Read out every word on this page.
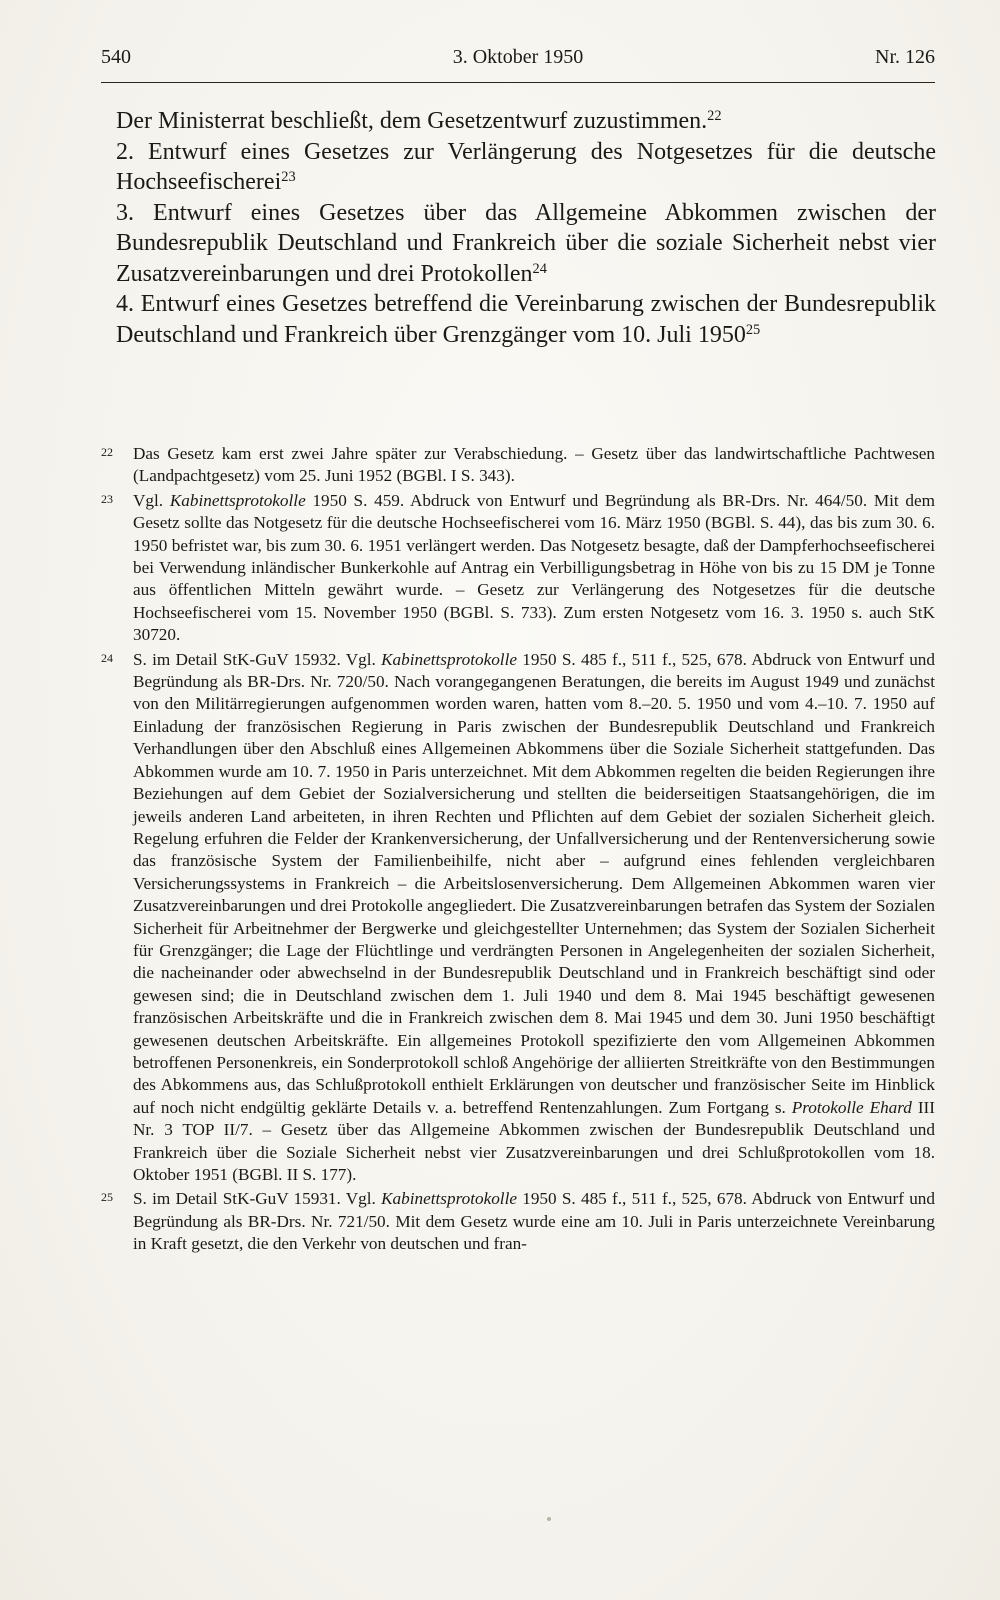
540	3. Oktober 1950	Nr. 126

Der Ministerrat beschließt, dem Gesetzentwurf zuzustimmen.$^{22}$

2. Entwurf eines Gesetzes zur Verlängerung des Notgesetzes für die deutsche Hochseefischerei$^{23}$

3. Entwurf eines Gesetzes über das Allgemeine Abkommen zwischen der Bundesrepublik Deutschland und Frankreich über die soziale Sicherheit nebst vier Zusatzvereinbarungen und drei Protokollen$^{24}$

4. Entwurf eines Gesetzes betreffend die Vereinbarung zwischen der Bundesrepublik Deutschland und Frankreich über Grenzgänger vom 10. Juli 1950$^{25}$

22 Das Gesetz kam erst zwei Jahre später zur Verabschiedung. – Gesetz über das landwirtschaftliche Pachtwesen (Landpachtgesetz) vom 25. Juni 1952 (BGBl. I S. 343).

23 Vgl. Kabinettsprotokolle 1950 S. 459. Abdruck von Entwurf und Begründung als BR-Drs. Nr. 464/50. Mit dem Gesetz sollte das Notgesetz für die deutsche Hochseefischerei vom 16. März 1950 (BGBl. S. 44), das bis zum 30. 6. 1950 befristet war, bis zum 30. 6. 1951 verlängert werden. Das Notgesetz besagte, daß der Dampferhochseefischerei bei Verwendung inländischer Bunkerkohle auf Antrag ein Verbilligungsbetrag in Höhe von bis zu 15 DM je Tonne aus öffentlichen Mitteln gewährt wurde. – Gesetz zur Verlängerung des Notgesetzes für die deutsche Hochseefischerei vom 15. November 1950 (BGBl. S. 733). Zum ersten Notgesetz vom 16. 3. 1950 s. auch StK 30720.

24 S. im Detail StK-GuV 15932. Vgl. Kabinettsprotokolle 1950 S. 485 f., 511 f., 525, 678. Abdruck von Entwurf und Begründung als BR-Drs. Nr. 720/50. Nach vorangegangenen Beratungen, die bereits im August 1949 und zunächst von den Militärregierungen aufgenommen worden waren, hatten vom 8.–20. 5. 1950 und vom 4.–10. 7. 1950 auf Einladung der französischen Regierung in Paris zwischen der Bundesrepublik Deutschland und Frankreich Verhandlungen über den Abschluß eines Allgemeinen Abkommens über die Soziale Sicherheit stattgefunden. Das Abkommen wurde am 10. 7. 1950 in Paris unterzeichnet. Mit dem Abkommen regelten die beiden Regierungen ihre Beziehungen auf dem Gebiet der Sozialversicherung und stellten die beiderseitigen Staatsangehörigen, die im jeweils anderen Land arbeiteten, in ihren Rechten und Pflichten auf dem Gebiet der sozialen Sicherheit gleich. Regelung erfuhren die Felder der Krankenversicherung, der Unfallversicherung und der Rentenversicherung sowie das französische System der Familienbeihilfe, nicht aber – aufgrund eines fehlenden vergleichbaren Versicherungssystems in Frankreich – die Arbeitslosenversicherung. Dem Allgemeinen Abkommen waren vier Zusatzvereinbarungen und drei Protokolle angegliedert. Die Zusatzvereinbarungen betrafen das System der Sozialen Sicherheit für Arbeitnehmer der Bergwerke und gleichgestellter Unternehmen; das System der Sozialen Sicherheit für Grenzgänger; die Lage der Flüchtlinge und verdrängten Personen in Angelegenheiten der sozialen Sicherheit, die nacheinander oder abwechselnd in der Bundesrepublik Deutschland und in Frankreich beschäftigt sind oder gewesen sind; die in Deutschland zwischen dem 1. Juli 1940 und dem 8. Mai 1945 beschäftigt gewesenen französischen Arbeitskräfte und die in Frankreich zwischen dem 8. Mai 1945 und dem 30. Juni 1950 beschäftigt gewesenen deutschen Arbeitskräfte. Ein allgemeines Protokoll spezifizierte den vom Allgemeinen Abkommen betroffenen Personenkreis, ein Sonderprotokoll schloß Angehörige der alliierten Streitkräfte von den Bestimmungen des Abkommens aus, das Schlußprotokoll enthielt Erklärungen von deutscher und französischer Seite im Hinblick auf noch nicht endgültig geklärte Details v. a. betreffend Rentenzahlungen. Zum Fortgang s. Protokolle Ehard III Nr. 3 TOP II/7. – Gesetz über das Allgemeine Abkommen zwischen der Bundesrepublik Deutschland und Frankreich über die Soziale Sicherheit nebst vier Zusatzvereinbarungen und drei Schlußprotokollen vom 18. Oktober 1951 (BGBl. II S. 177).

25 S. im Detail StK-GuV 15931. Vgl. Kabinettsprotokolle 1950 S. 485 f., 511 f., 525, 678. Abdruck von Entwurf und Begründung als BR-Drs. Nr. 721/50. Mit dem Gesetz wurde eine am 10. Juli in Paris unterzeichnete Vereinbarung in Kraft gesetzt, die den Verkehr von deutschen und fran-
